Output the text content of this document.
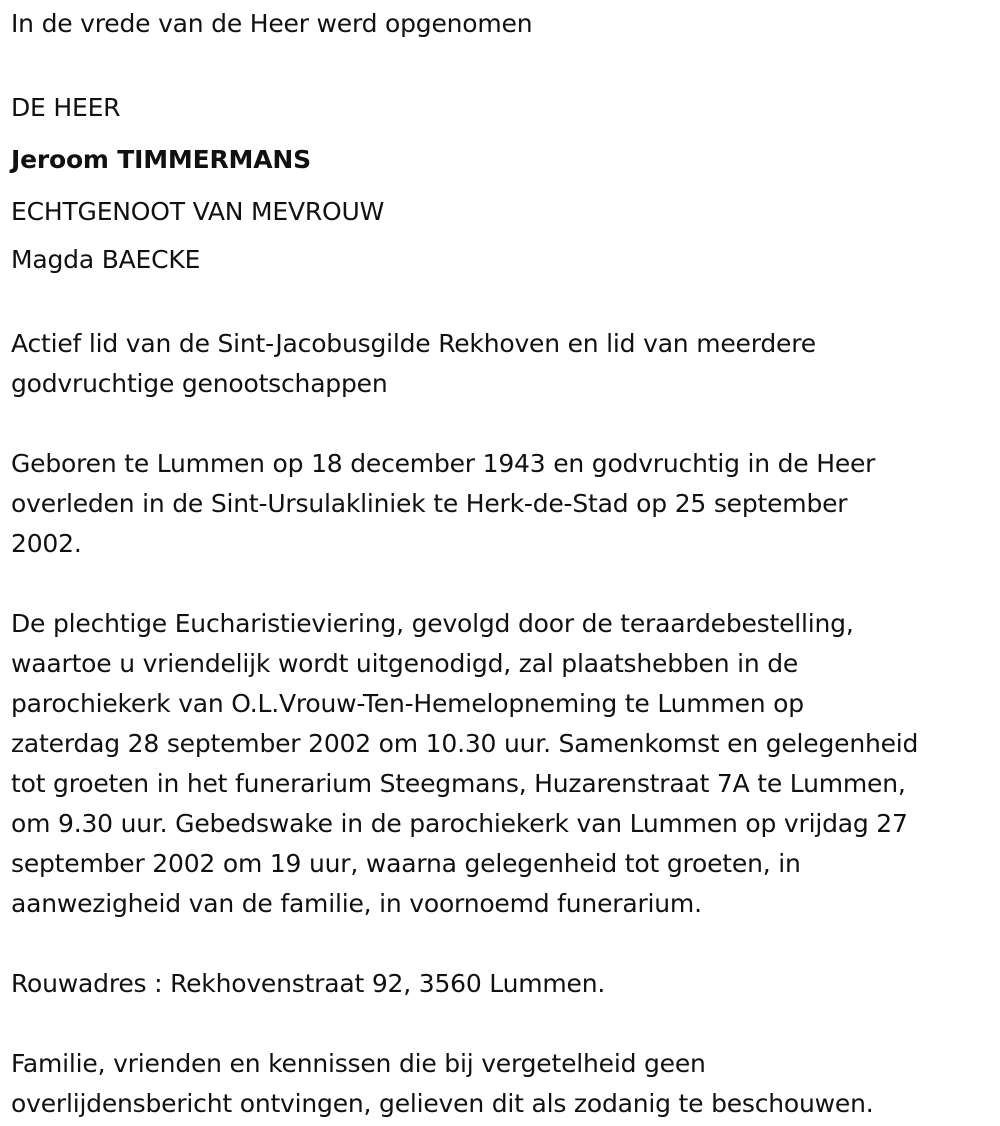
In de vrede van de Heer werd opgenomen
DE HEER
Jeroom TIMMERMANS
ECHTGENOOT VAN MEVROUW
Magda BAECKE
Actief lid van de Sint-Jacobusgilde Rekhoven en lid van meerdere
godvruchtige genootschappen
Geboren te Lummen op 18 december 1943 en godvruchtig in de Heer
overleden in de Sint-Ursulakliniek te Herk-de-Stad op 25 september
2002.
De plechtige Eucharistieviering, gevolgd door de teraardebestelling,
waartoe u vriendelijk wordt uitgenodigd, zal plaatshebben in de
parochiekerk van O.L.Vrouw-Ten-Hemelopneming te Lummen op
zaterdag 28 september 2002 om 10.30 uur. Samenkomst en gelegenheid
tot groeten in het funerarium Steegmans, Huzarenstraat 7A te Lummen,
om 9.30 uur. Gebedswake in de parochiekerk van Lummen op vrijdag 27
september 2002 om 19 uur, waarna gelegenheid tot groeten, in
aanwezigheid van de familie, in voornoemd funerarium.
Rouwadres : Rekhovenstraat 92, 3560 Lummen.
Familie, vrienden en kennissen die bij vergetelheid geen
overlijdensbericht ontvingen, gelieven dit als zodanig te beschouwen.
